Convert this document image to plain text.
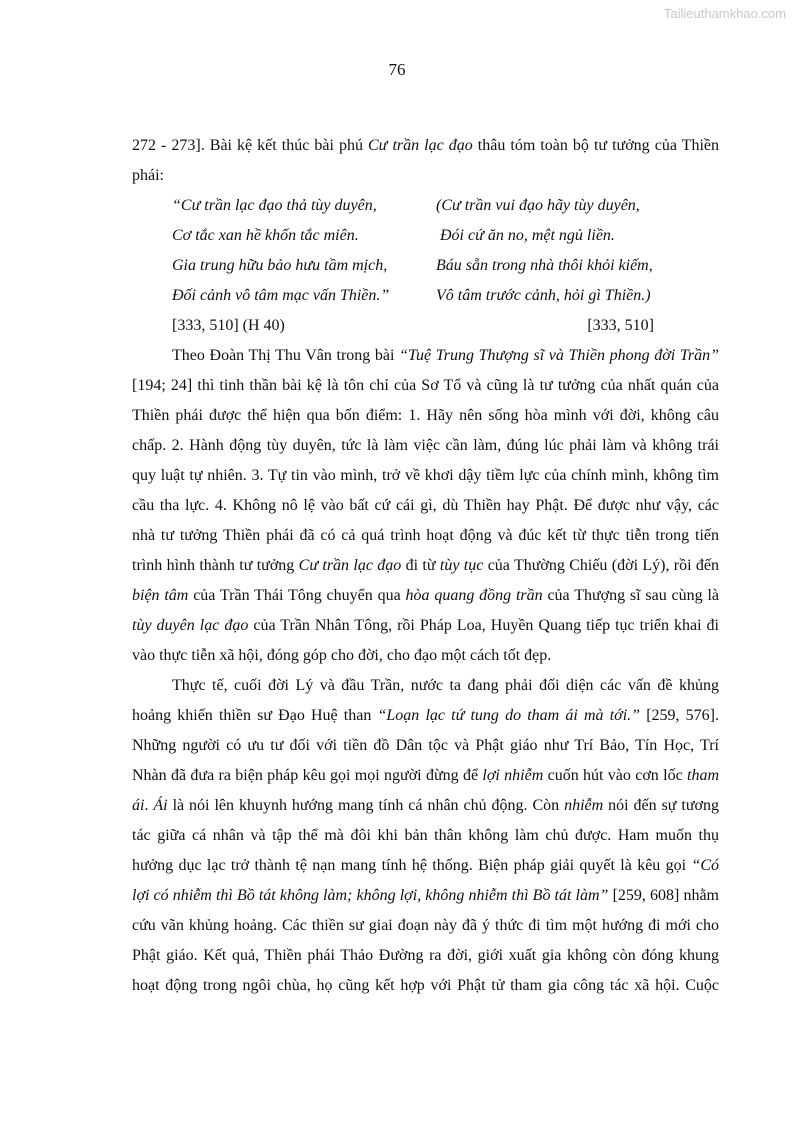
Tailieuthamkhao.com
76
272 - 273]. Bài kệ kết thúc bài phú Cư trần lạc đạo thâu tóm toàn bộ tư tưởng của Thiền
phái:
“Cư trần lạc đạo thả tùy duyên,	(Cư trần vui đạo hãy tùy duyên,
Cơ tắc xan hề khốn tắc miên.	Đói cứ ăn no, mệt ngủ liền.
Gia trung hữu bảo hưu tầm mịch,	Báu sẵn trong nhà thôi khỏi kiếm,
Đối cảnh vô tâm mạc vấn Thiền.”	Vô tâm trước cảnh, hỏi gì Thiền.)
[333, 510] (H 40)	[333, 510]
Theo Đoàn Thị Thu Vân trong bài “Tuệ Trung Thượng sĩ và Thiền phong đời Trần”
[194; 24] thì tinh thần bài kệ là tôn chỉ của Sơ Tổ và cũng là tư tưởng của nhất quán của
Thiền phái được thể hiện qua bốn điểm: 1. Hãy nên sống hòa mình với đời, không câu
chấp. 2. Hành động tùy duyên, tức là làm việc cần làm, đúng lúc phải làm và không trái
quy luật tự nhiên. 3. Tự tin vào mình, trở về khơi dậy tiềm lực của chính mình, không tìm
cầu tha lực. 4. Không nô lệ vào bất cứ cái gì, dù Thiền hay Phật. Để được như vậy, các
nhà tư tưởng Thiền phái đã có cả quá trình hoạt động và đúc kết từ thực tiễn trong tiến
trình hình thành tư tưởng Cư trần lạc đạo đi từ tùy tục của Thường Chiếu (đời Lý), rồi đến
biện tâm của Trần Thái Tông chuyển qua hòa quang đồng trần của Thượng sĩ sau cùng là
tùy duyên lạc đạo của Trần Nhân Tông, rồi Pháp Loa, Huyền Quang tiếp tục triển khai đi
vào thực tiễn xã hội, đóng góp cho đời, cho đạo một cách tốt đẹp.
Thực tế, cuối đời Lý và đầu Trần, nước ta đang phải đối diện các vấn đề khủng
hoảng khiến thiền sư Đạo Huệ than “Loạn lạc tứ tung do tham ái mà tới.” [259, 576].
Những người có ưu tư đối với tiền đồ Dân tộc và Phật giáo như Trí Bảo, Tín Học, Trí
Nhàn đã đưa ra biện pháp kêu gọi mọi người đừng để lợi nhiễm cuốn hút vào cơn lốc tham
ái. Ái là nói lên khuynh hướng mang tính cá nhân chủ động. Còn nhiễm nói đến sự tương
tác giữa cá nhân và tập thể mà đôi khi bản thân không làm chủ được. Ham muốn thụ
hưởng dục lạc trở thành tệ nạn mang tính hệ thống. Biện pháp giải quyết là kêu gọi “Có
lợi có nhiễm thì Bồ tát không làm; không lợi, không nhiễm thì Bồ tát làm” [259, 608] nhằm
cứu vãn khủng hoảng. Các thiền sư giai đoạn này đã ý thức đi tìm một hướng đi mới cho
Phật giáo. Kết quả, Thiền phái Thảo Đường ra đời, giới xuất gia không còn đóng khung
hoạt động trong ngôi chùa, họ cũng kết hợp với Phật tử tham gia công tác xã hội. Cuộc
